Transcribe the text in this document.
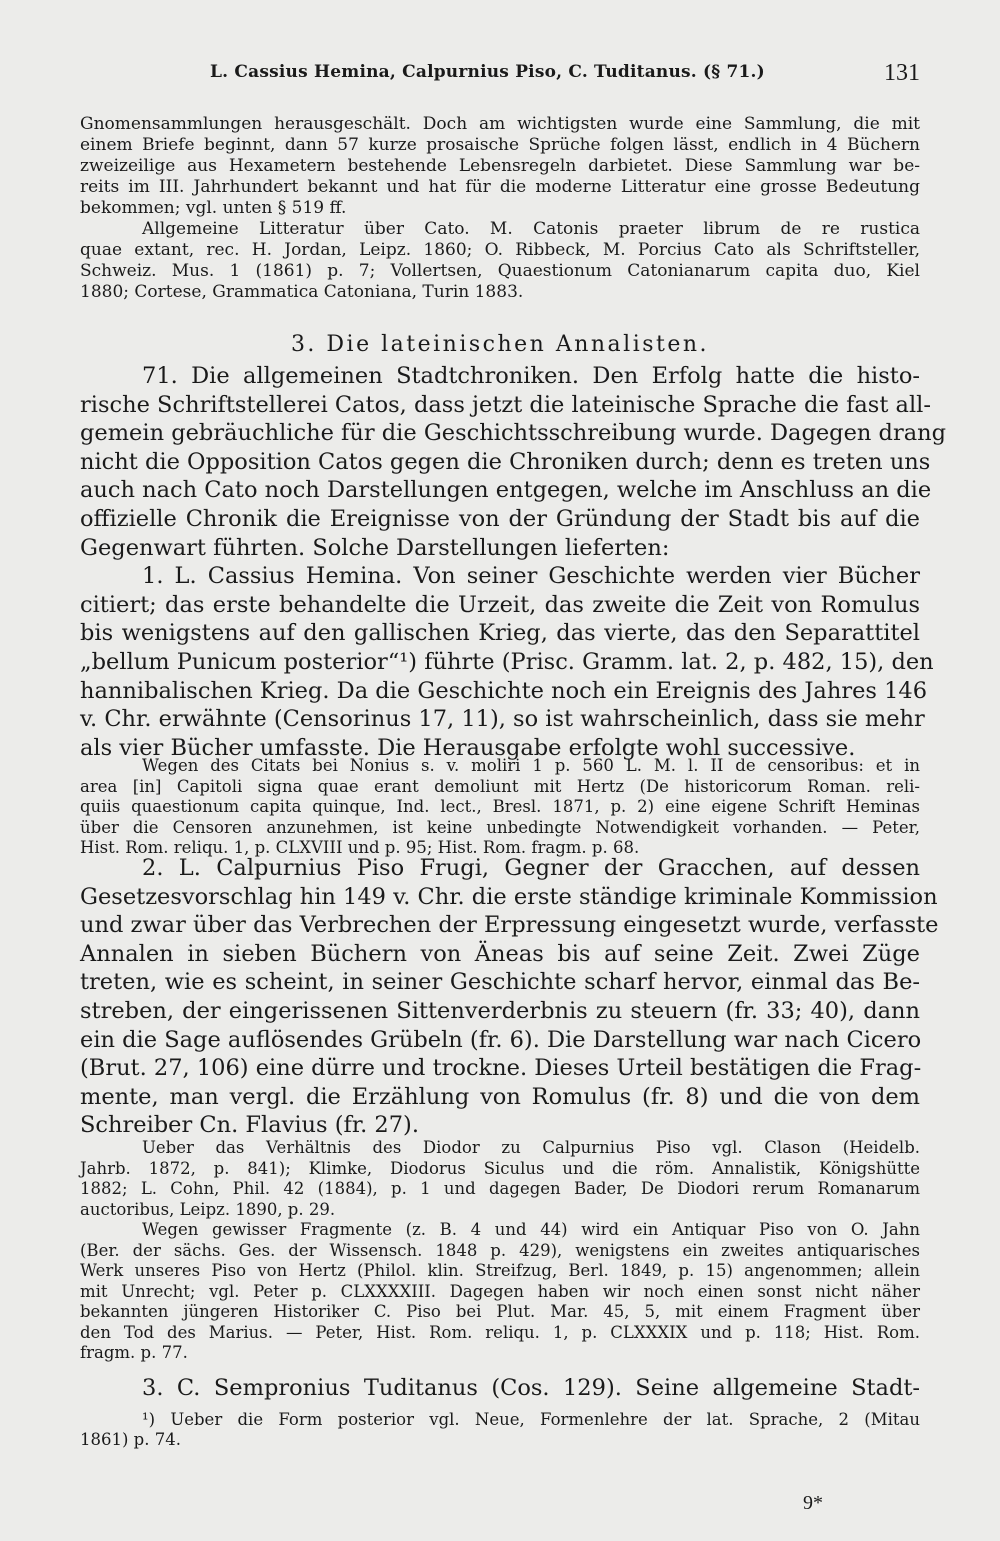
L. Cassius Hemina, Calpurnius Piso, C. Tuditanus. (§ 71.)	131

Gnomensammlungen herausgeschält. Doch am wichtigsten wurde eine Sammlung, die mit

einem Briefe beginnt, dann 57 kurze prosaische Sprüche folgen lässt, endlich in 4 Büchern

zweizeilige aus Hexametern bestehende Lebensregeln darbietet. Diese Sammlung war be-

reits im III. Jahrhundert bekannt und hat für die moderne Litteratur eine grosse Bedeutung

bekommen; vgl. unten § 519 ff.

Allgemeine Litteratur über Cato. M. Catonis praeter librum de re rustica

quae extant, rec. H. Jordan, Leipz. 1860; O. Ribbeck, M. Porcius Cato als Schriftsteller,

Schweiz. Mus. 1 (1861) p. 7; Vollertsen, Quaestionum Catonianarum capita duo, Kiel

1880; Cortese, Grammatica Catoniana, Turin 1883.

3. Die lateinischen Annalisten.

71. Die allgemeinen Stadtchroniken. Den Erfolg hatte die histo-

rische Schriftstellerei Catos, dass jetzt die lateinische Sprache die fast all-

gemein gebräuchliche für die Geschichtsschreibung wurde. Dagegen drang

nicht die Opposition Catos gegen die Chroniken durch; denn es treten uns

auch nach Cato noch Darstellungen entgegen, welche im Anschluss an die

offizielle Chronik die Ereignisse von der Gründung der Stadt bis auf die

Gegenwart führten. Solche Darstellungen lieferten:

1. L. Cassius Hemina. Von seiner Geschichte werden vier Bücher

citiert; das erste behandelte die Urzeit, das zweite die Zeit von Romulus

bis wenigstens auf den gallischen Krieg, das vierte, das den Separattitel

„bellum Punicum posterior“¹) führte (Prisc. Gramm. lat. 2, p. 482, 15), den

hannibalischen Krieg. Da die Geschichte noch ein Ereignis des Jahres 146

v. Chr. erwähnte (Censorinus 17, 11), so ist wahrscheinlich, dass sie mehr

als vier Bücher umfasste. Die Herausgabe erfolgte wohl successive.

Wegen des Citats bei Nonius s. v. moliri 1 p. 560 L. M. l. II de censoribus: et in

area [in] Capitoli signa quae erant demoliunt mit Hertz (De historicorum Roman. reli-

quiis quaestionum capita quinque, Ind. lect., Bresl. 1871, p. 2) eine eigene Schrift Heminas

über die Censoren anzunehmen, ist keine unbedingte Notwendigkeit vorhanden. — Peter,

Hist. Rom. reliqu. 1, p. CLXVIII und p. 95; Hist. Rom. fragm. p. 68.

2. L. Calpurnius Piso Frugi, Gegner der Gracchen, auf dessen

Gesetzesvorschlag hin 149 v. Chr. die erste ständige kriminale Kommission

und zwar über das Verbrechen der Erpressung eingesetzt wurde, verfasste

Annalen in sieben Büchern von Äneas bis auf seine Zeit. Zwei Züge

treten, wie es scheint, in seiner Geschichte scharf hervor, einmal das Be-

streben, der eingerissenen Sittenverderbnis zu steuern (fr. 33; 40), dann

ein die Sage auflösendes Grübeln (fr. 6). Die Darstellung war nach Cicero

(Brut. 27, 106) eine dürre und trockne. Dieses Urteil bestätigen die Frag-

mente, man vergl. die Erzählung von Romulus (fr. 8) und die von dem

Schreiber Cn. Flavius (fr. 27).

Ueber das Verhältnis des Diodor zu Calpurnius Piso vgl. Clason (Heidelb.

Jahrb. 1872, p. 841); Klimke, Diodorus Siculus und die röm. Annalistik, Königshütte

1882; L. Cohn, Phil. 42 (1884), p. 1 und dagegen Bader, De Diodori rerum Romanarum

auctoribus, Leipz. 1890, p. 29.

Wegen gewisser Fragmente (z. B. 4 und 44) wird ein Antiquar Piso von O. Jahn

(Ber. der sächs. Ges. der Wissensch. 1848 p. 429), wenigstens ein zweites antiquarisches

Werk unseres Piso von Hertz (Philol. klin. Streifzug, Berl. 1849, p. 15) angenommen; allein

mit Unrecht; vgl. Peter p. CLXXXXIII. Dagegen haben wir noch einen sonst nicht näher

bekannten jüngeren Historiker C. Piso bei Plut. Mar. 45, 5, mit einem Fragment über

den Tod des Marius. — Peter, Hist. Rom. reliqu. 1, p. CLXXXIX und p. 118; Hist. Rom.

fragm. p. 77.

3. C. Sempronius Tuditanus (Cos. 129). Seine allgemeine Stadt-

¹) Ueber die Form posterior vgl. Neue, Formenlehre der lat. Sprache, 2 (Mitau

1861) p. 74.

9*
